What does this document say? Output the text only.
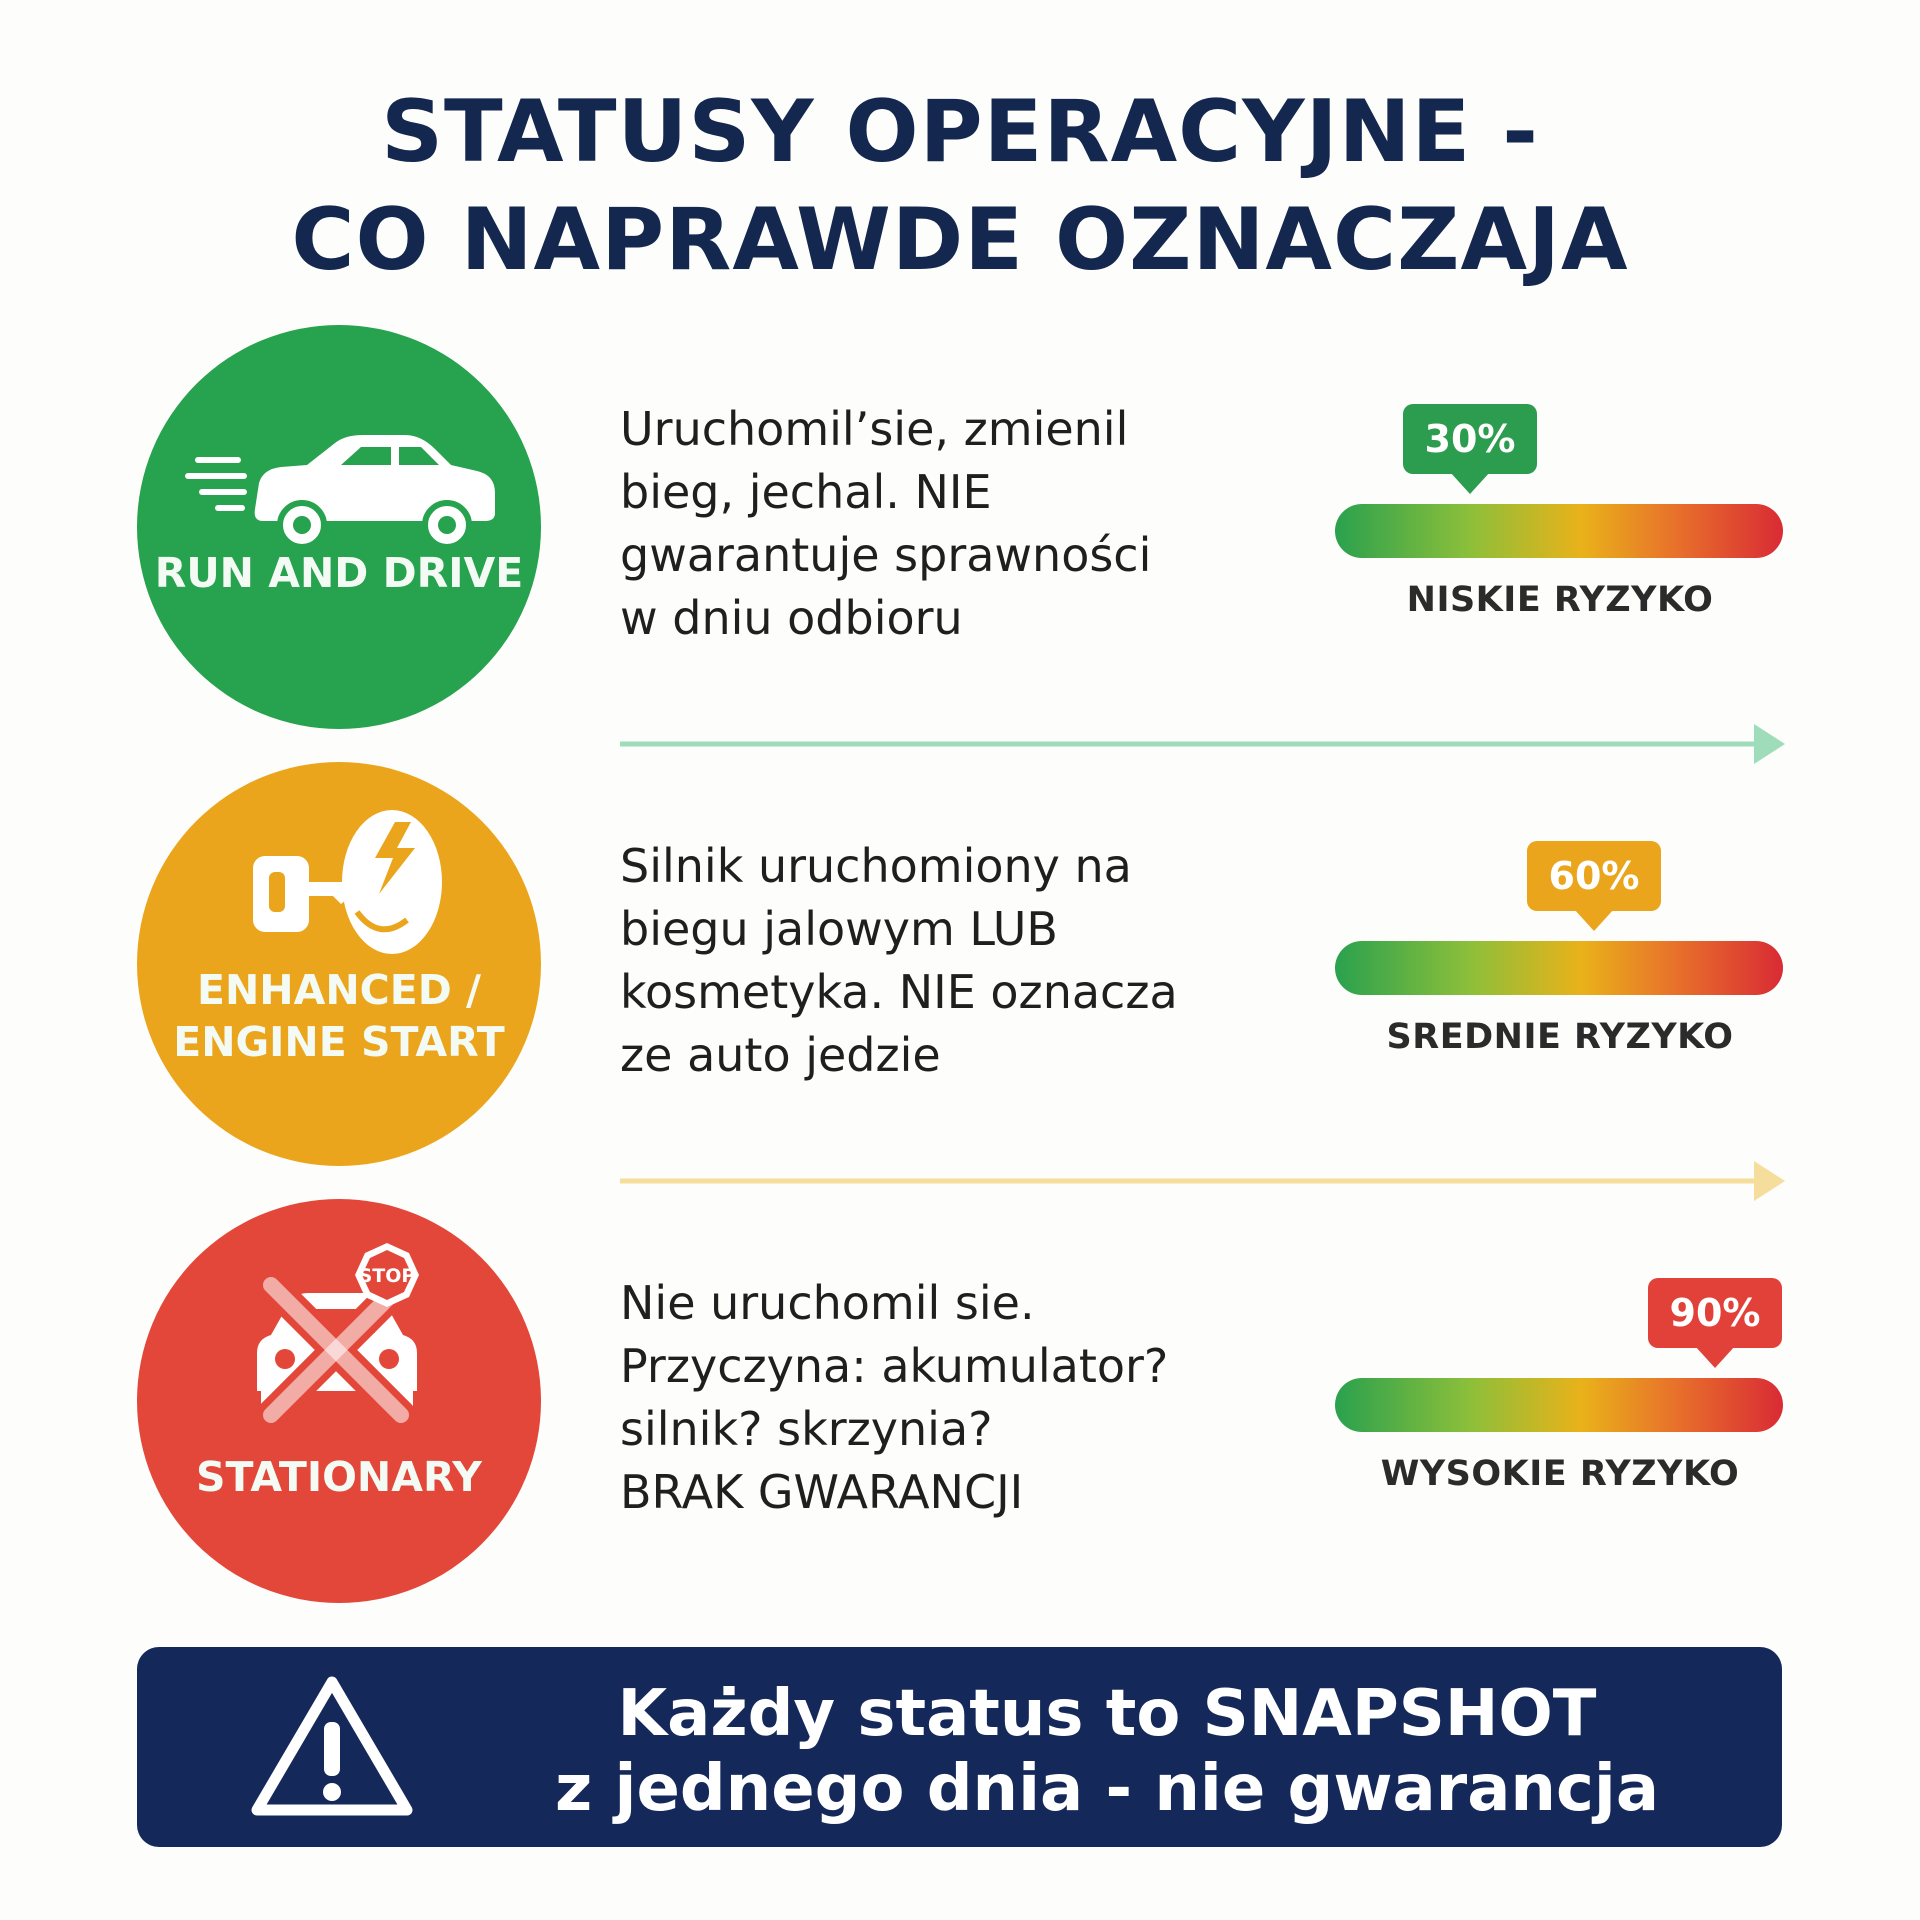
STATUSY OPERACYJNE -
CO NAPRAWDE OZNACZAJA
RUN AND DRIVE
Uruchomil’sie, zmienil
bieg, jechal. NIE
gwarantuje sprawności
w dniu odbioru
30%
NISKIE RYZYKO
ENHANCED / ENGINE START
Silnik uruchomiony na
biegu jalowym LUB
kosmetyka. NIE oznacza
ze auto jedzie
60%
SREDNIE RYZYKO
STOP
STATIONARY
Nie uruchomil sie.
Przyczyna: akumulator?
silnik? skrzynia?
BRAK GWARANCJI
90%
WYSOKIE RYZYKO
Każdy status to SNAPSHOT
z jednego dnia - nie gwarancja
